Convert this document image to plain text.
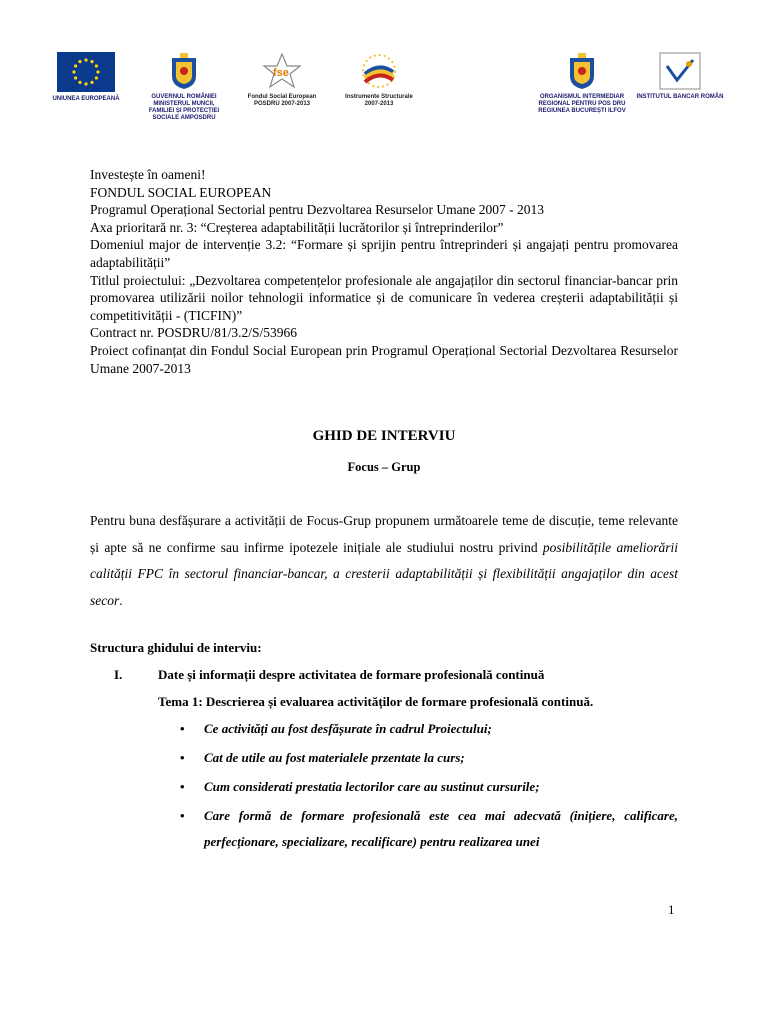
UNIUNEA EUROPEANĂ	GUVERNUL ROMÂNIEI MINISTERUL MUNCII, FAMILIEI ȘI PROTECȚIEI SOCIALE AMPOSDRU
fse
Fondul Social European POSDRU 2007-2013
Instrumente Structurale 2007-2013
ORGANISMUL INTERMEDIAR REGIONAL PENTRU POS DRU REGIUNEA BUCUREȘTI ILFOV
INSTITUTUL BANCAR ROMÂN

Investește în oameni!

FONDUL SOCIAL EUROPEAN

Programul Operațional Sectorial pentru Dezvoltarea Resurselor Umane 2007 - 2013

Axa prioritară nr. 3: “Creșterea adaptabilității lucrătorilor și întreprinderilor”

Domeniul major de intervenție 3.2: “Formare și sprijin pentru întreprinderi și angajați pentru promovarea adaptabilității”

Titlul proiectului: „Dezvoltarea competențelor profesionale ale angajaților din sectorul financiar-bancar prin promovarea utilizării noilor tehnologii informatice și de comunicare în vederea creșterii adaptabilității și competitivității - (TICFIN)”

Contract nr. POSDRU/81/3.2/S/53966

Proiect cofinanțat din Fondul Social European prin Programul Operațional Sectorial Dezvoltarea Resurselor Umane 2007-2013

GHID DE INTERVIU
Focus – Grup
Pentru buna desfășurare a activității de Focus-Grup propunem următoarele teme de discuție, teme relevante și apte să ne confirme sau infirme ipotezele inițiale ale studiului nostru privind posibilitățile ameliorării calității FPC în sectorul financiar-bancar, a cresterii adaptabilității și flexibilității angajaților din acest secor.
Structura ghidului de interviu:
I.	Date și informații despre activitatea de formare profesională continuă
Tema 1: Descrierea și evaluarea activităților de formare profesională continuă.
• Ce activități au fost desfășurate în cadrul Proiectului;
• Cat de utile au fost materialele przentate la curs;
• Cum considerati prestatia lectorilor care au sustinut cursurile;
• Care formă de formare profesională este cea mai adecvată (inițiere, calificare, perfecționare, specializare, recalificare) pentru realizarea unei
1
